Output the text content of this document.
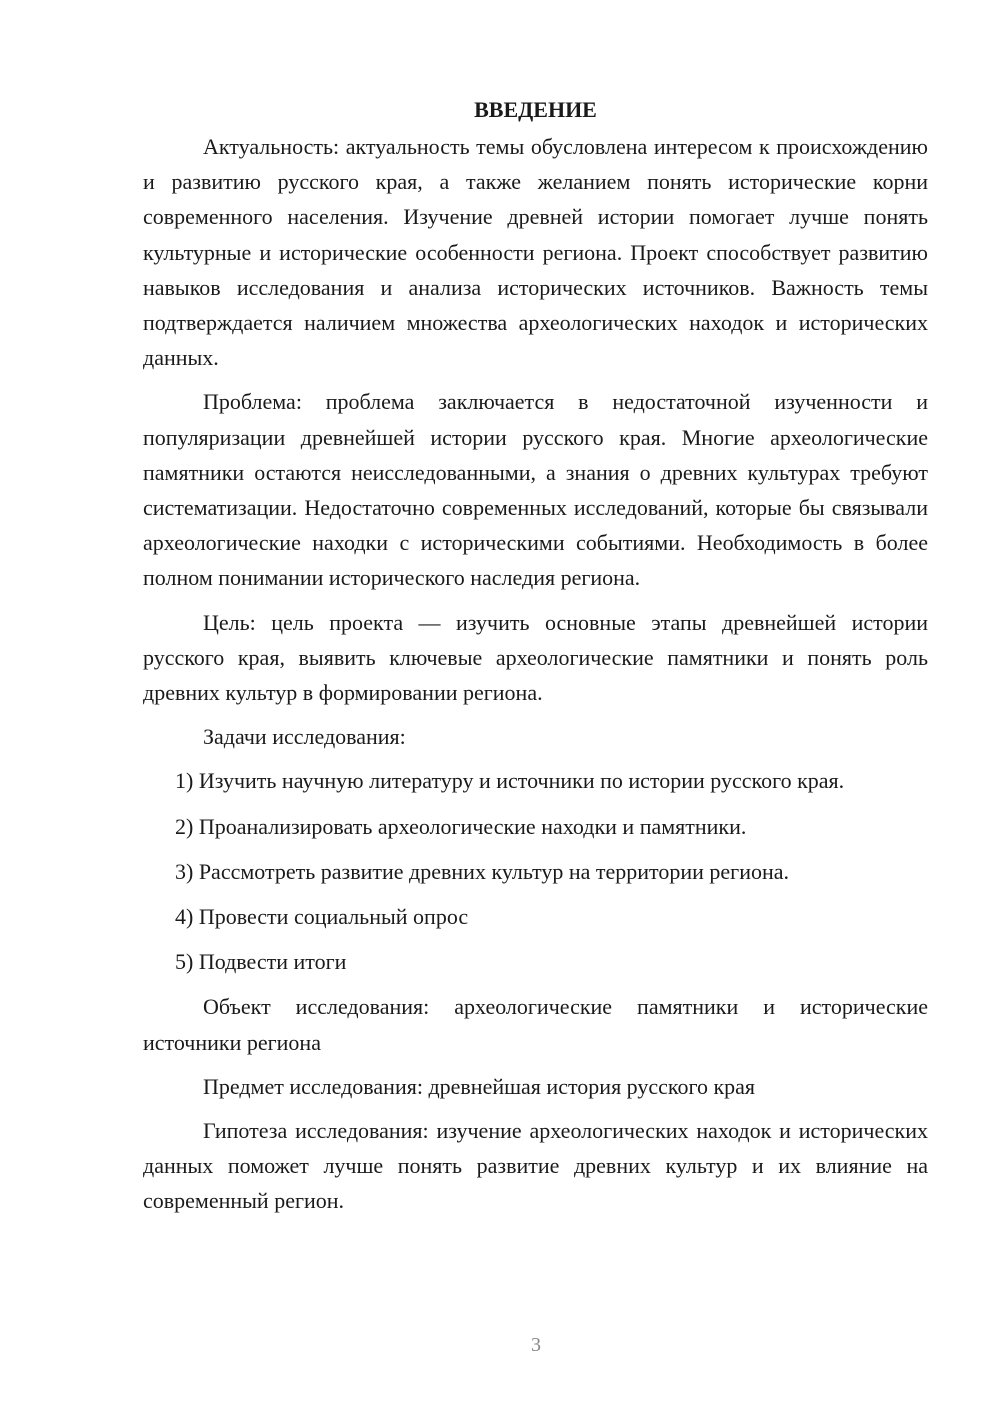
ВВЕДЕНИЕ

Актуальность: актуальность темы обусловлена интересом к происхождению и развитию русского края, а также желанием понять исторические корни современного населения. Изучение древней истории помогает лучше понять культурные и исторические особенности региона. Проект способствует развитию навыков исследования и анализа исторических источников. Важность темы подтверждается наличием множества археологических находок и исторических данных.

Проблема: проблема заключается в недостаточной изученности и популяризации древнейшей истории русского края. Многие археологические памятники остаются неисследованными, а знания о древних культурах требуют систематизации. Недостаточно современных исследований, которые бы связывали археологические находки с историческими событиями. Необходимость в более полном понимании исторического наследия региона.

Цель: цель проекта — изучить основные этапы древнейшей истории русского края, выявить ключевые археологические памятники и понять роль древних культур в формировании региона.

Задачи исследования:

1) Изучить научную литературу и источники по истории русского края.

2) Проанализировать археологические находки и памятники.

3) Рассмотреть развитие древних культур на территории региона.

4) Провести социальный опрос

5) Подвести итоги

Объект исследования: археологические памятники и исторические источники региона

Предмет исследования: древнейшая история русского края

Гипотеза исследования: изучение археологических находок и исторических данных поможет лучше понять развитие древних культур и их влияние на современный регион.

3
